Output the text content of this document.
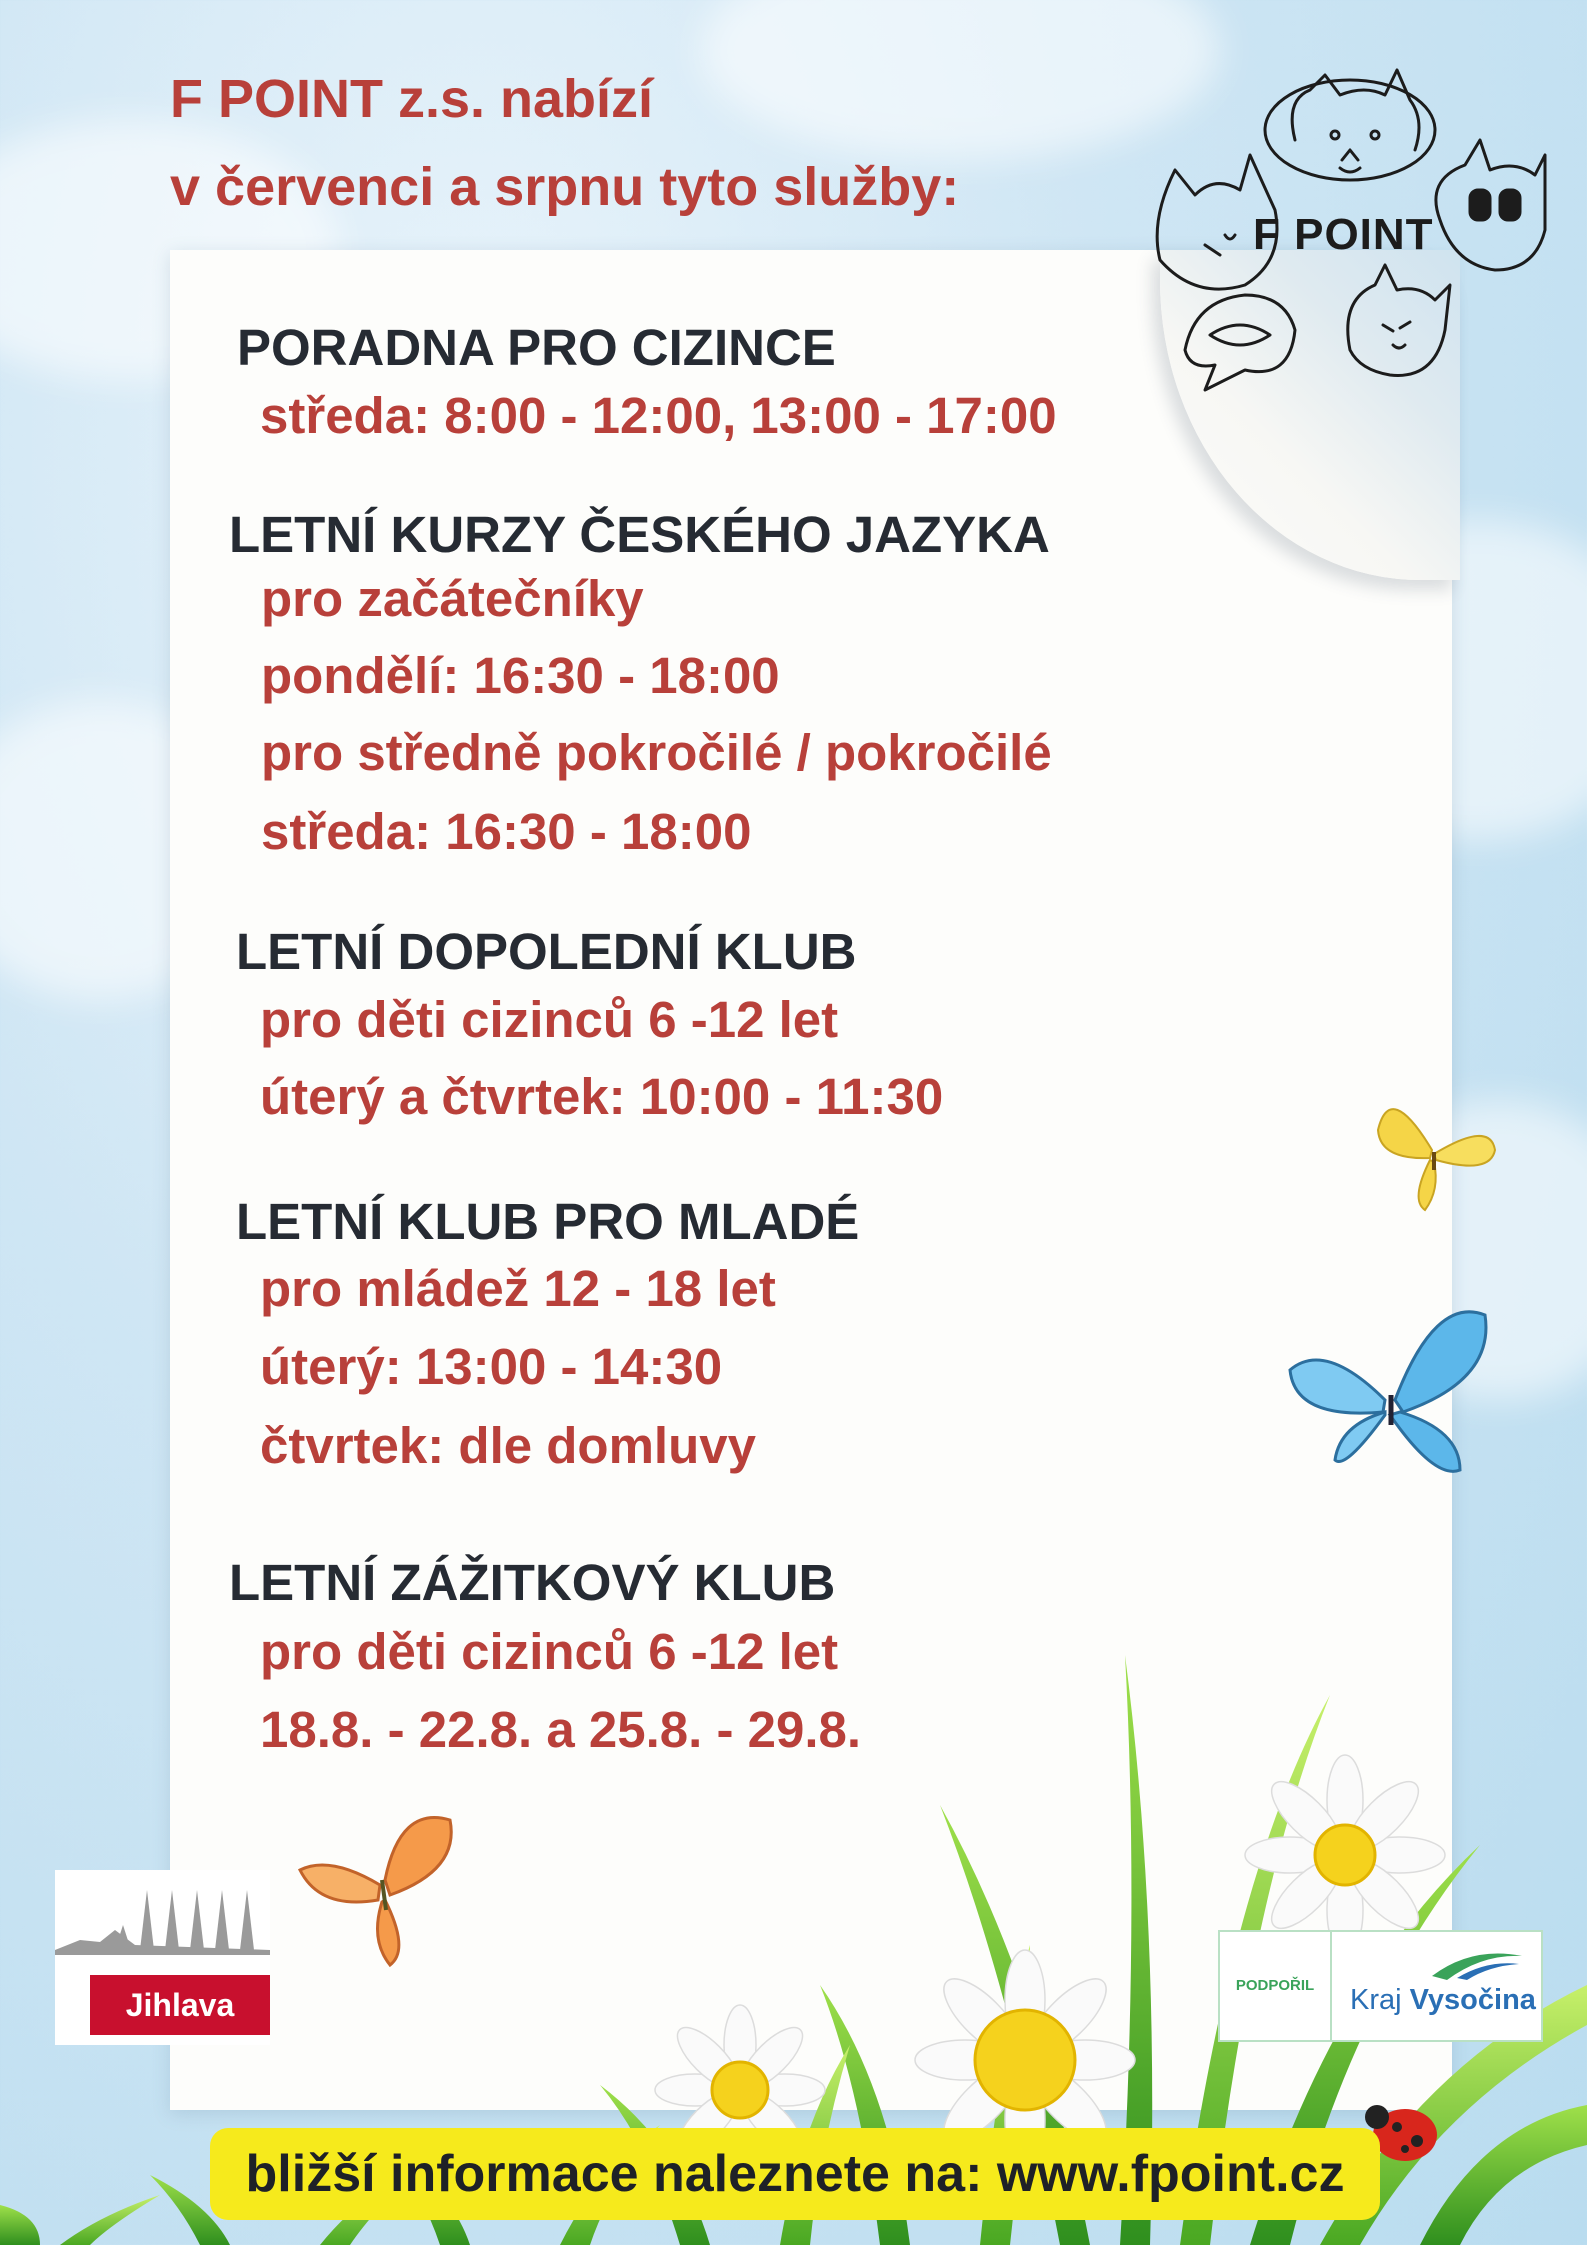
F POINT z.s. nabízí
v červenci a srpnu tyto služby:
F POINT
PORADNA PRO CIZINCE
středa: 8:00 - 12:00, 13:00 - 17:00
LETNÍ KURZY ČESKÉHO JAZYKA
pro začátečníky
pondělí: 16:30 - 18:00
pro středně pokročilé / pokročilé
středa: 16:30 - 18:00
LETNÍ DOPOLEDNÍ KLUB
pro děti cizinců 6 -12 let
úterý a čtvrtek: 10:00 - 11:30
LETNÍ KLUB PRO MLADÉ
pro mládež 12 - 18 let
úterý: 13:00 - 14:30
čtvrtek: dle domluvy
LETNÍ ZÁŽITKOVÝ KLUB
pro děti cizinců 6 -12 let
18.8. - 22.8. a 25.8. - 29.8.
Jihlava
PODPOŘIL	Kraj Vysočina
bližší informace naleznete na: www.fpoint.cz
